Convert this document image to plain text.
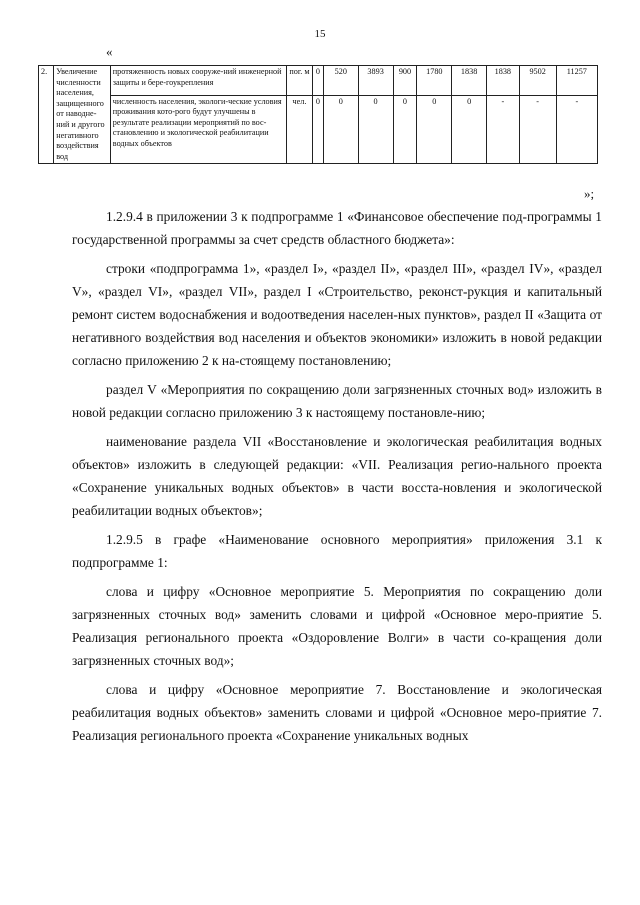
15
«
2.	Увеличение численности населения, защищенного от наводне-ний и другого негативного воздействия вод	протяженность новых сооруже-ний инженерной защиты и бере-гоукрепления	пог. м	0	520	3893	900	1780	1838	1838	9502	11257
		численность населения, экологи-ческие условия проживания кото-рого будут улучшены в результате реализации мероприятий по вос-становлению и экологической реабилитации водных объектов	чел.	0	0	0	0	0	0	-	-	-
»;

1.2.9.4 в приложении 3 к подпрограмме 1 «Финансовое обеспечение под-программы 1 государственной программы за счет средств областного бюджета»:

строки «подпрограмма 1», «раздел I», «раздел II», «раздел III», «раздел IV», «раздел V», «раздел VI», «раздел VII», раздел I «Строительство, реконст-рукция и капитальный ремонт систем водоснабжения и водоотведения населен-ных пунктов», раздел II «Защита от негативного воздействия вод населения и объектов экономики» изложить в новой редакции согласно приложению 2 к на-стоящему постановлению;

раздел V «Мероприятия по сокращению доли загрязненных сточных вод» изложить в новой редакции согласно приложению 3 к настоящему постановле-нию;

наименование раздела VII «Восстановление и экологическая реабилитация водных объектов» изложить в следующей редакции: «VII. Реализация регио-нального проекта «Сохранение уникальных водных объектов» в части восста-новления и экологической реабилитации водных объектов»;

1.2.9.5 в графе «Наименование основного мероприятия» приложения 3.1 к подпрограмме 1:

слова и цифру «Основное мероприятие 5. Мероприятия по сокращению доли загрязненных сточных вод» заменить словами и цифрой «Основное меро-приятие 5. Реализация регионального проекта «Оздоровление Волги» в части со-кращения доли загрязненных сточных вод»;

слова и цифру «Основное мероприятие 7. Восстановление и экологическая реабилитация водных объектов» заменить словами и цифрой «Основное меро-приятие 7. Реализация регионального проекта «Сохранение уникальных водных
